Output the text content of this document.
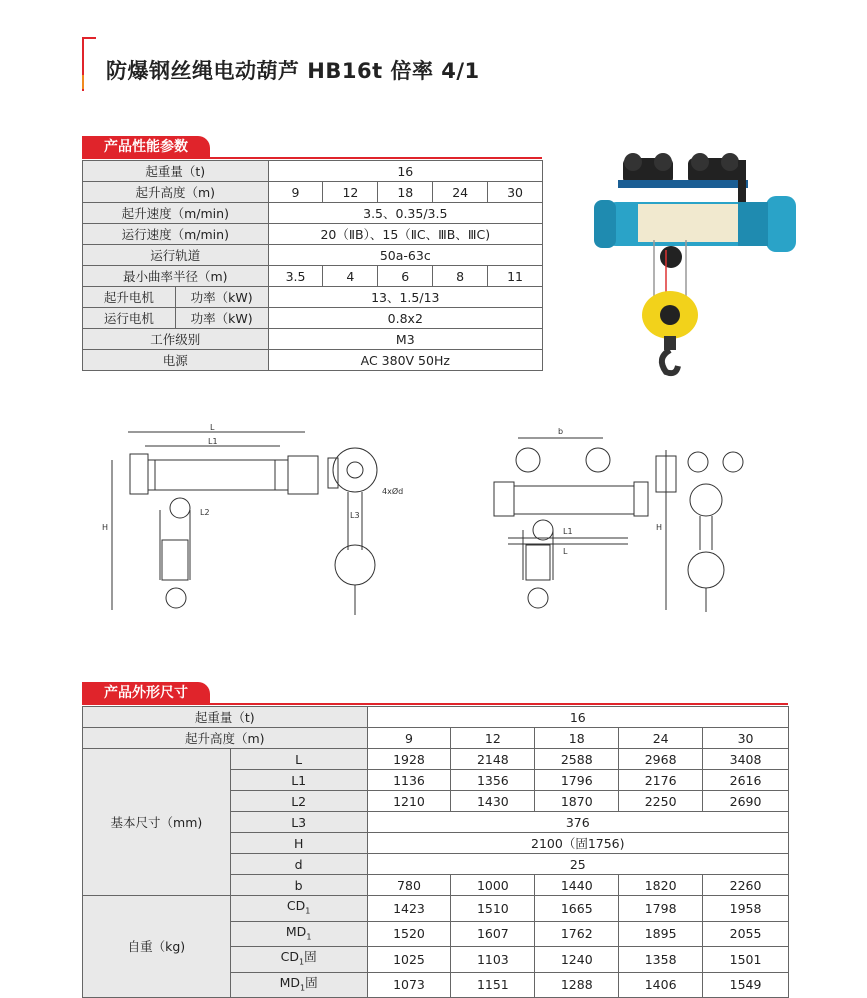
防爆钢丝绳电动葫芦 HB16t 倍率 4/1
产品性能参数
起重量（t)		16				
起升高度（m)		9	12	18	24	30
起升速度（m/min)		3.5、0.35/3.5				
运行速度（m/min)		20（ⅡB）、15（ⅡC、ⅢB、ⅢC)				
运行轨道		50a-63c				
最小曲率半径（m)		3.5	4	6	8	11
起升电机	功率（kW)	13、1.5/13				
运行电机	功率（kW)	0.8x2				
工作级别		M3				
电源		AC 380V 50Hz				
L
L1
L2	L3
H
4xØd
b
L1
L
H
产品外形尺寸
起重量（t)		16				
起升高度（m)		9	12	18	24	30
基本尺寸（mm)	L	1928	2148	2588	2968	3408
	L1	1136	1356	1796	2176	2616
	L2	1210	1430	1870	2250	2690
	L3	376				
	H	2100（固1756)				
	d	25				
	b	780	1000	1440	1820	2260
自重（kg)	$CD_1$	1423	1510	1665	1798	1958
	$MD_1$	1520	1607	1762	1895	2055
	$CD_1$固	1025	1103	1240	1358	1501
	$MD_1$固	1073	1151	1288	1406	1549
